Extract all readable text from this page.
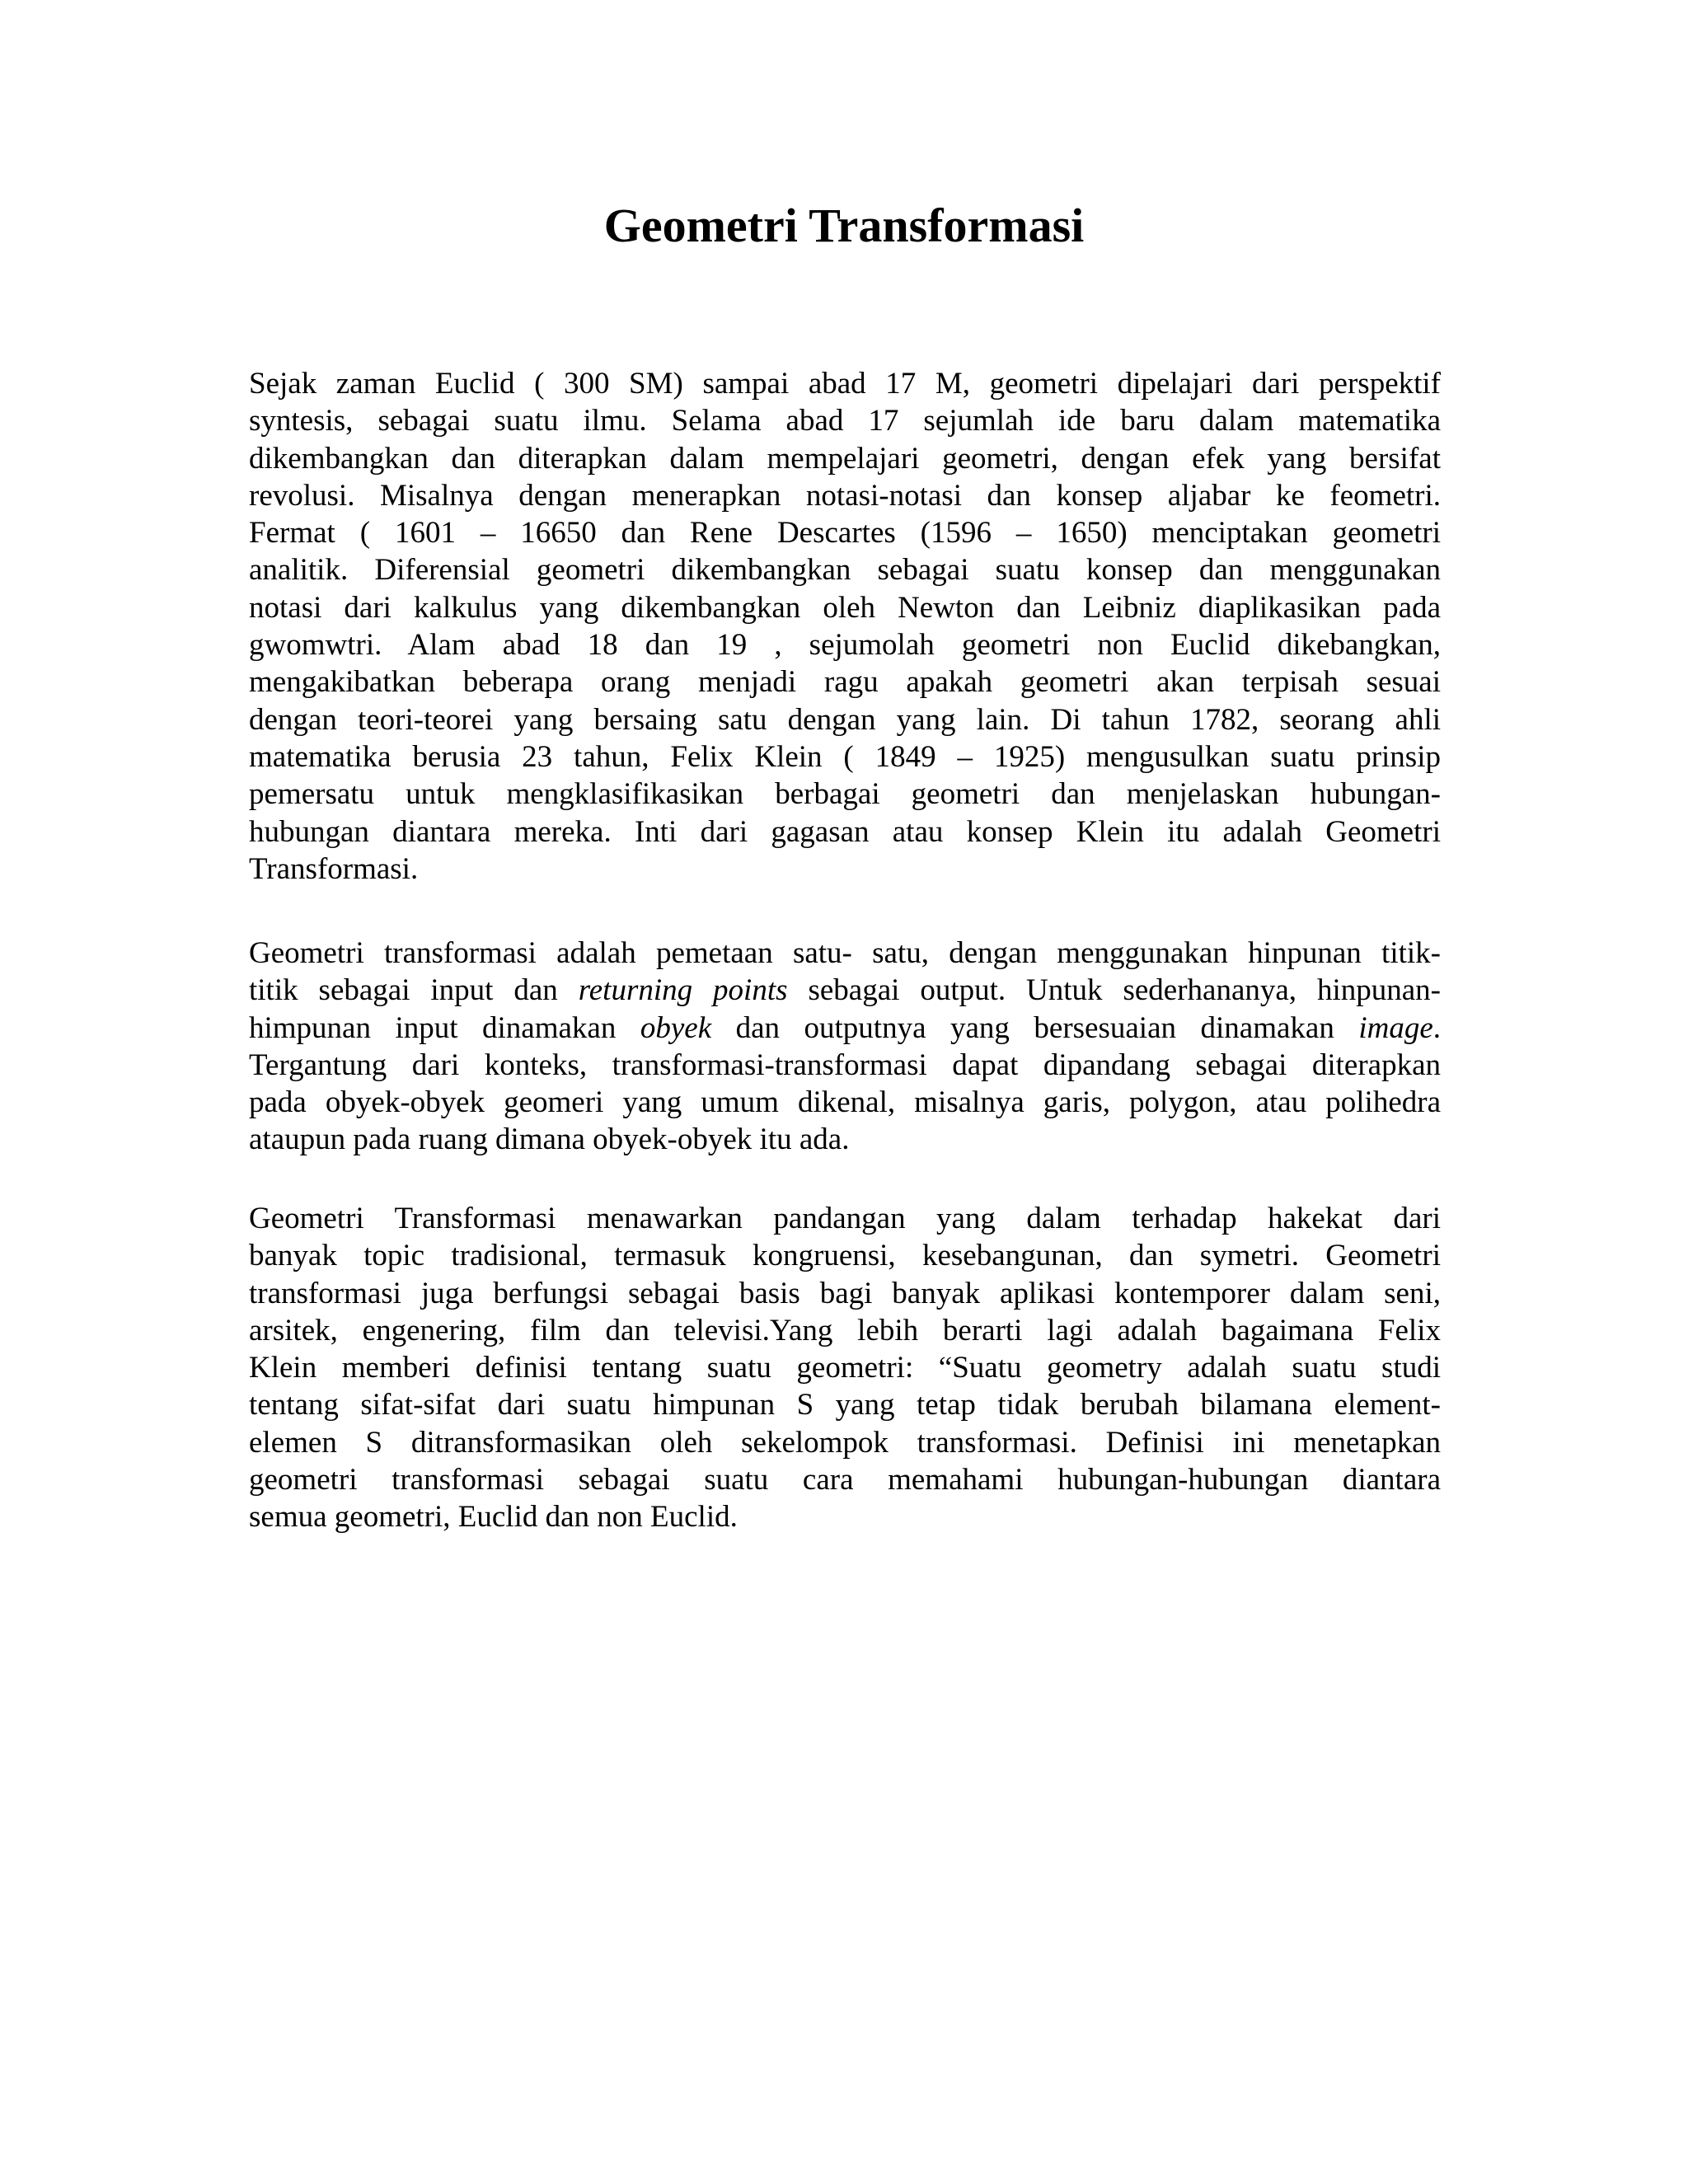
Geometri Transformasi
Sejak zaman Euclid ( 300 SM) sampai abad 17 M, geometri dipelajari dari perspektif
syntesis, sebagai suatu ilmu. Selama abad 17 sejumlah ide baru dalam matematika
dikembangkan dan diterapkan dalam mempelajari geometri, dengan efek yang bersifat
revolusi. Misalnya dengan menerapkan notasi-notasi dan konsep aljabar ke feometri.
Fermat ( 1601 – 16650 dan Rene Descartes (1596 – 1650) menciptakan geometri
analitik. Diferensial geometri dikembangkan sebagai suatu konsep dan menggunakan
notasi dari kalkulus yang dikembangkan oleh Newton dan Leibniz diaplikasikan pada
gwomwtri. Alam abad 18 dan 19 , sejumolah geometri non Euclid dikebangkan,
mengakibatkan beberapa orang menjadi ragu apakah geometri akan terpisah sesuai
dengan teori-teorei yang bersaing satu dengan yang lain. Di tahun 1782, seorang ahli
matematika berusia 23 tahun, Felix Klein ( 1849 – 1925) mengusulkan suatu prinsip
pemersatu untuk mengklasifikasikan berbagai geometri dan menjelaskan hubungan-
hubungan diantara mereka. Inti dari gagasan atau konsep Klein itu adalah Geometri
Transformasi.
Geometri transformasi adalah pemetaan satu- satu, dengan menggunakan hinpunan titik-
titik sebagai input dan returning points sebagai output. Untuk sederhananya, hinpunan-
himpunan input dinamakan obyek dan outputnya yang bersesuaian dinamakan image.
Tergantung dari konteks, transformasi-transformasi dapat dipandang sebagai diterapkan
pada obyek-obyek geomeri yang umum dikenal, misalnya garis, polygon, atau polihedra
ataupun pada ruang dimana obyek-obyek itu ada.
Geometri Transformasi menawarkan pandangan yang dalam terhadap hakekat dari
banyak topic tradisional, termasuk kongruensi, kesebangunan, dan symetri. Geometri
transformasi juga berfungsi sebagai basis bagi banyak aplikasi kontemporer dalam seni,
arsitek, engenering, film dan televisi.Yang lebih berarti lagi adalah bagaimana Felix
Klein memberi definisi tentang suatu geometri: “Suatu geometry adalah suatu studi
tentang sifat-sifat dari suatu himpunan S yang tetap tidak berubah bilamana element-
elemen S ditransformasikan oleh sekelompok transformasi. Definisi ini menetapkan
geometri transformasi sebagai suatu cara memahami hubungan-hubungan diantara
semua geometri, Euclid dan non Euclid.
